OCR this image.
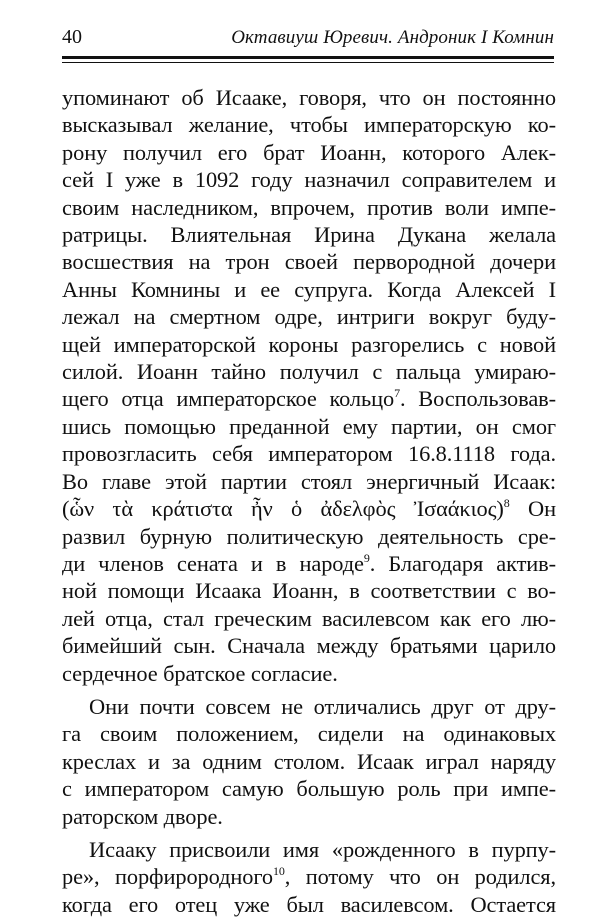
40	Октавиуш Юревич. Андроник I Комнин
упоминают об Исааке, говоря, что он постоянно
высказывал желание, чтобы императорскую ко-
рону получил его брат Иоанн, которого Алек-
сей I уже в 1092 году назначил соправителем и
своим наследником, впрочем, против воли импе-
ратрицы. Влиятельная Ирина Дукана желала
восшествия на трон своей первородной дочери
Анны Комнины и ее супруга. Когда Алексей I
лежал на смертном одре, интриги вокруг буду-
щей императорской короны разгорелись с новой
силой. Иоанн тайно получил с пальца умираю-
щего отца императорское кольцо$^7$. Воспользовав-
шись помощью преданной ему партии, он смог
провозгласить себя императором 16.8.1118 года.
Во главе этой партии стоял энергичный Исаак:
(ὧν τὰ κράτιστα ἦν ὁ ἀδελφὸς Ἰσαάκιος)$^8$ Он
развил бурную политическую деятельность сре-
ди членов сената и в народе$^9$. Благодаря актив-
ной помощи Исаака Иоанн, в соответствии с во-
лей отца, стал греческим василевсом как его лю-
бимейший сын. Сначала между братьями царило
сердечное братское согласие.
Они почти совсем не отличались друг от дру-
га своим положением, сидели на одинаковых
креслах и за одним столом. Исаак играл наряду
с императором самую большую роль при импе-
раторском дворе.
Исааку присвоили имя «рожденного в пурпу-
ре», порфирородного$^{10}$, потому что он родился,
когда его отец уже был василевсом. Остается
